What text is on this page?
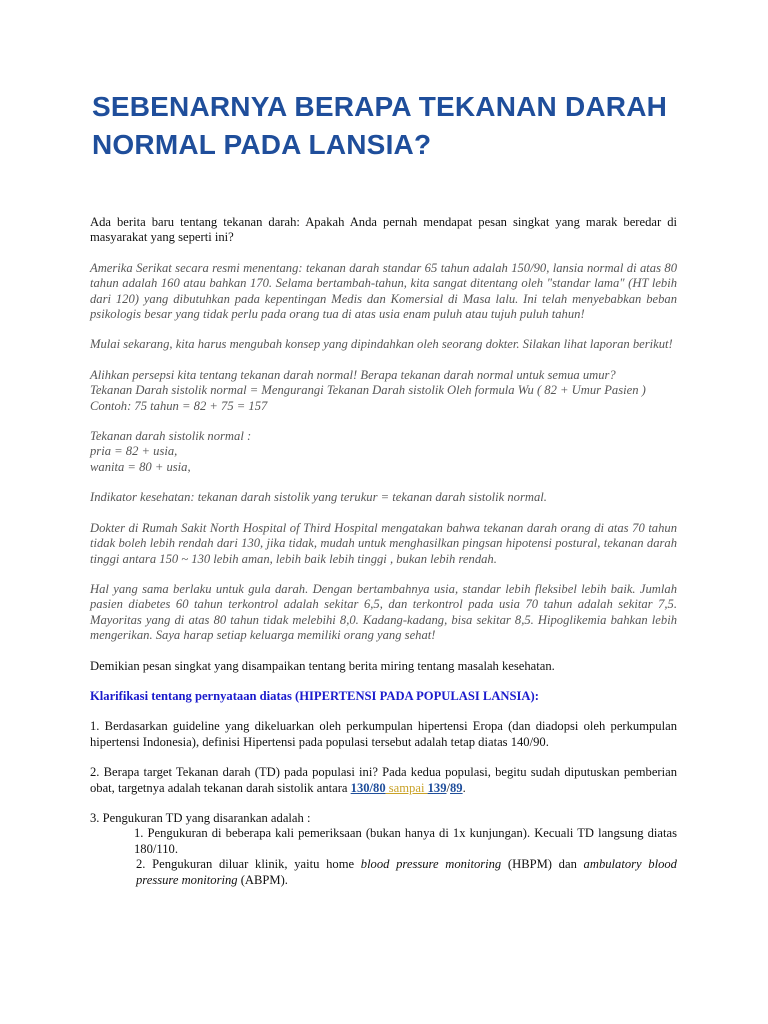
SEBENARNYA BERAPA TEKANAN DARAH NORMAL PADA LANSIA?

Ada berita baru tentang tekanan darah: Apakah Anda pernah mendapat pesan singkat yang marak beredar di masyarakat yang seperti ini?

Amerika Serikat secara resmi menentang: tekanan darah standar 65 tahun adalah 150/90, lansia normal di atas 80 tahun adalah 160 atau bahkan 170. Selama bertambah-tahun, kita sangat ditentang oleh "standar lama" (HT lebih dari 120) yang dibutuhkan pada kepentingan Medis dan Komersial di Masa lalu. Ini telah menyebabkan beban psikologis besar yang tidak perlu pada orang tua di atas usia enam puluh atau tujuh puluh tahun!

Mulai sekarang, kita harus mengubah konsep yang dipindahkan oleh seorang dokter. Silakan lihat laporan berikut!

Alihkan persepsi kita tentang tekanan darah normal! Berapa tekanan darah normal untuk semua umur?
Tekanan Darah sistolik normal = Mengurangi Tekanan Darah sistolik Oleh formula Wu ( 82 + Umur Pasien )
Contoh: 75 tahun = 82 + 75 = 157

Tekanan darah sistolik normal :
pria = 82 + usia,
wanita = 80 + usia,

Indikator kesehatan: tekanan darah sistolik yang terukur = tekanan darah sistolik normal.

Dokter di Rumah Sakit North Hospital of Third Hospital mengatakan bahwa tekanan darah orang di atas 70 tahun tidak boleh lebih rendah dari 130, jika tidak, mudah untuk menghasilkan pingsan hipotensi postural, tekanan darah tinggi antara 150 ~ 130 lebih aman, lebih baik lebih tinggi , bukan lebih rendah.

Hal yang sama berlaku untuk gula darah. Dengan bertambahnya usia, standar lebih fleksibel lebih baik. Jumlah pasien diabetes 60 tahun terkontrol adalah sekitar 6,5, dan terkontrol pada usia 70 tahun adalah sekitar 7,5. Mayoritas yang di atas 80 tahun tidak melebihi 8,0. Kadang-kadang, bisa sekitar 8,5. Hipoglikemia bahkan lebih mengerikan. Saya harap setiap keluarga memiliki orang yang sehat!

Demikian pesan singkat yang disampaikan tentang berita miring tentang masalah kesehatan.

Klarifikasi tentang pernyataan diatas (HIPERTENSI PADA POPULASI LANSIA):

1. Berdasarkan guideline yang dikeluarkan oleh perkumpulan hipertensi Eropa (dan diadopsi oleh perkumpulan hipertensi Indonesia), definisi Hipertensi pada populasi tersebut adalah tetap diatas 140/90.

2. Berapa target Tekanan darah (TD) pada populasi ini? Pada kedua populasi, begitu sudah diputuskan pemberian obat, targetnya adalah tekanan darah sistolik antara 130/80 sampai 139/89.

3. Pengukuran TD yang disarankan adalah :
1. Pengukuran di beberapa kali pemeriksaan (bukan hanya di 1x kunjungan). Kecuali TD langsung diatas 180/110.
2. Pengukuran diluar klinik, yaitu home blood pressure monitoring (HBPM) dan ambulatory blood pressure monitoring (ABPM).
